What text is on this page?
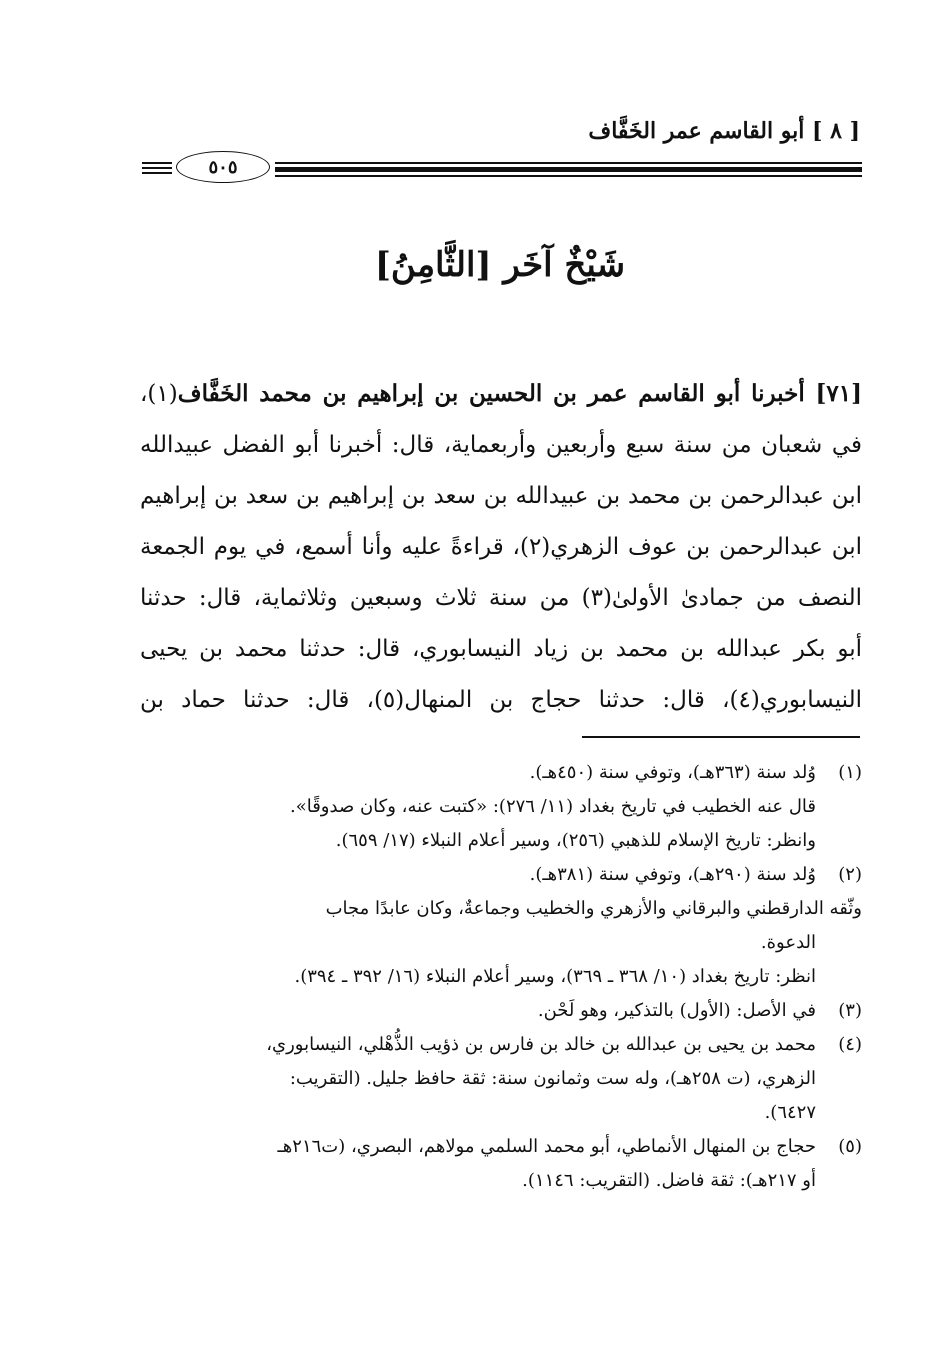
[ ٨ ] أبو القاسم عمر الخَفَّاف
٥٠٥
شَيْخٌ آخَر [الثَّامِنُ]
[٧١] أخبرنا أبو القاسم عمر بن الحسين بن إبراهيم بن محمد الخَفَّاف(١)،
في شعبان من سنة سبع وأربعين وأربعماية، قال: أخبرنا أبو الفضل عبيدالله
ابن عبدالرحمن بن محمد بن عبيدالله بن سعد بن إبراهيم بن سعد بن إبراهيم
ابن عبدالرحمن بن عوف الزهري(٢)، قراءةً عليه وأنا أسمع، في يوم الجمعة
النصف من جمادىٰ الأولىٰ(٣) من سنة ثلاث وسبعين وثلاثماية، قال: حدثنا
أبو بكر عبدالله بن محمد بن زياد النيسابوري، قال: حدثنا محمد بن يحيى
النيسابوري(٤)، قال: حدثنا حجاج بن المنهال(٥)، قال: حدثنا حماد بن
(١)
وُلد سنة (٣٦٣هـ)، وتوفي سنة (٤٥٠هـ).
قال عنه الخطيب في تاريخ بغداد (١١/ ٢٧٦): «كتبت عنه، وكان صدوقًا».
وانظر: تاريخ الإسلام للذهبي (٢٥٦)، وسير أعلام النبلاء (١٧/ ٦٥٩).
(٢)
وُلد سنة (٢٩٠هـ)، وتوفي سنة (٣٨١هـ).
وثّقه الدارقطني والبرقاني والأزهري والخطيب وجماعةٌ، وكان عابدًا مجاب
الدعوة.
انظر: تاريخ بغداد (١٠/ ٣٦٨ ـ ٣٦٩)، وسير أعلام النبلاء (١٦/ ٣٩٢ ـ ٣٩٤).
(٣)
في الأصل: (الأول) بالتذكير، وهو لَحْن.
(٤)
محمد بن يحيى بن عبدالله بن خالد بن فارس بن ذؤيب الذُّهْلي، النيسابوري،
الزهري، (ت ٢٥٨هـ)، وله ست وثمانون سنة: ثقة حافظ جليل. (التقريب:
٦٤٢٧).
(٥)
حجاج بن المنهال الأنماطي، أبو محمد السلمي مولاهم، البصري، (ت٢١٦هـ
أو ٢١٧هـ): ثقة فاضل. (التقريب: ١١٤٦).
